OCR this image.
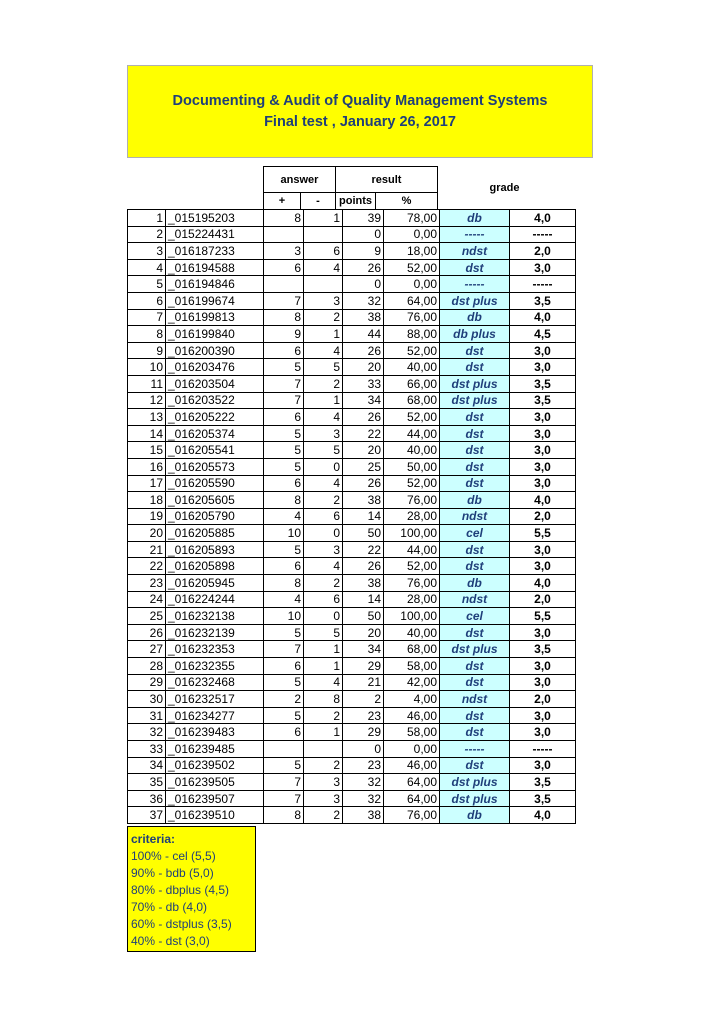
Documenting & Audit of Quality Management Systems
Final test , January 26, 2017
answer	result
+	-	points	%
grade
1	_015195203	8	1	39	78,00	db	4,0
2	_015224431			0	0,00	-----	-----
3	_016187233	3	6	9	18,00	ndst	2,0
4	_016194588	6	4	26	52,00	dst	3,0
5	_016194846			0	0,00	-----	-----
6	_016199674	7	3	32	64,00	dst plus	3,5
7	_016199813	8	2	38	76,00	db	4,0
8	_016199840	9	1	44	88,00	db plus	4,5
9	_016200390	6	4	26	52,00	dst	3,0
10	_016203476	5	5	20	40,00	dst	3,0
11	_016203504	7	2	33	66,00	dst plus	3,5
12	_016203522	7	1	34	68,00	dst plus	3,5
13	_016205222	6	4	26	52,00	dst	3,0
14	_016205374	5	3	22	44,00	dst	3,0
15	_016205541	5	5	20	40,00	dst	3,0
16	_016205573	5	0	25	50,00	dst	3,0
17	_016205590	6	4	26	52,00	dst	3,0
18	_016205605	8	2	38	76,00	db	4,0
19	_016205790	4	6	14	28,00	ndst	2,0
20	_016205885	10	0	50	100,00	cel	5,5
21	_016205893	5	3	22	44,00	dst	3,0
22	_016205898	6	4	26	52,00	dst	3,0
23	_016205945	8	2	38	76,00	db	4,0
24	_016224244	4	6	14	28,00	ndst	2,0
25	_016232138	10	0	50	100,00	cel	5,5
26	_016232139	5	5	20	40,00	dst	3,0
27	_016232353	7	1	34	68,00	dst plus	3,5
28	_016232355	6	1	29	58,00	dst	3,0
29	_016232468	5	4	21	42,00	dst	3,0
30	_016232517	2	8	2	4,00	ndst	2,0
31	_016234277	5	2	23	46,00	dst	3,0
32	_016239483	6	1	29	58,00	dst	3,0
33	_016239485			0	0,00	-----	-----
34	_016239502	5	2	23	46,00	dst	3,0
35	_016239505	7	3	32	64,00	dst plus	3,5
36	_016239507	7	3	32	64,00	dst plus	3,5
37	_016239510	8	2	38	76,00	db	4,0
criteria:
100% - cel (5,5)
90% - bdb (5,0)
80% - dbplus (4,5)
70% - db (4,0)
60% - dstplus (3,5)
40% - dst (3,0)
